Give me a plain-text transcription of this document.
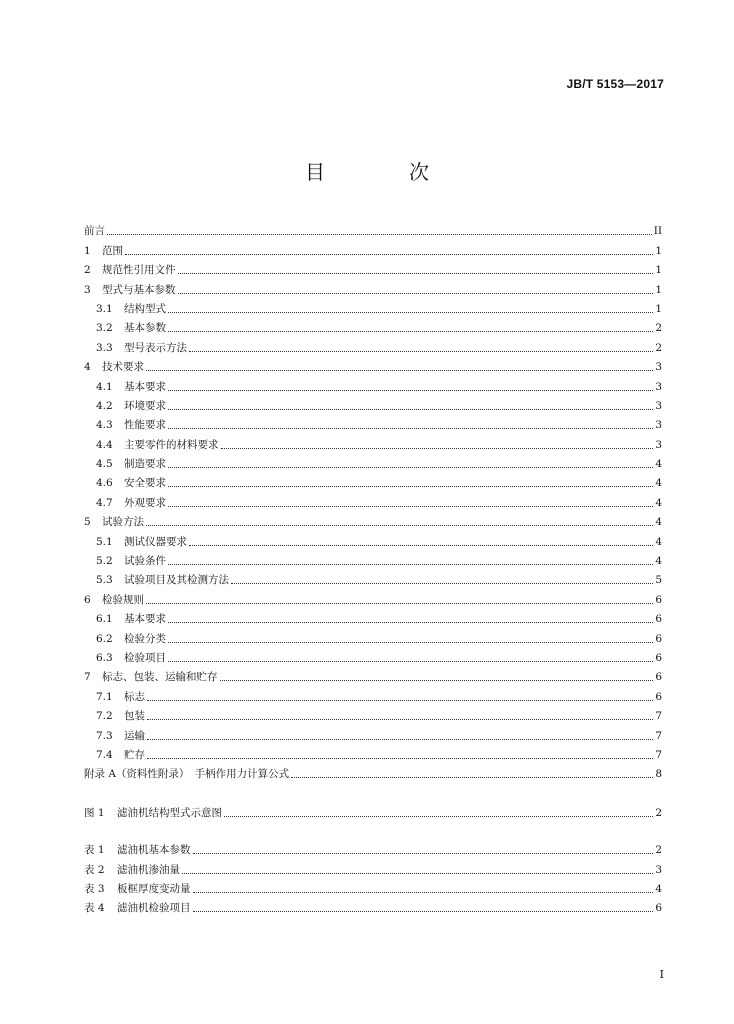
JB/T 5153—2017
目　次
前言	II
1	范围	1
2	规范性引用文件	1
3	型式与基本参数	1
3.1	结构型式	1
3.2	基本参数	2
3.3	型号表示方法	2
4	技术要求	3
4.1	基本要求	3
4.2	环境要求	3
4.3	性能要求	3
4.4	主要零件的材料要求	3
4.5	制造要求	4
4.6	安全要求	4
4.7	外观要求	4
5	试验方法	4
5.1	测试仪器要求	4
5.2	试验条件	4
5.3	试验项目及其检测方法	5
6	检验规则	6
6.1	基本要求	6
6.2	检验分类	6
6.3	检验项目	6
7	标志、包装、运输和贮存	6
7.1	标志	6
7.2	包装	7
7.3	运输	7
7.4	贮存	7
附录 A（资料性附录）　手柄作用力计算公式	8
图 1	滤油机结构型式示意图	2
表 1	滤油机基本参数	2
表 2	滤油机渗油量	3
表 3	板框厚度变动量	4
表 4	滤油机检验项目	6
I
